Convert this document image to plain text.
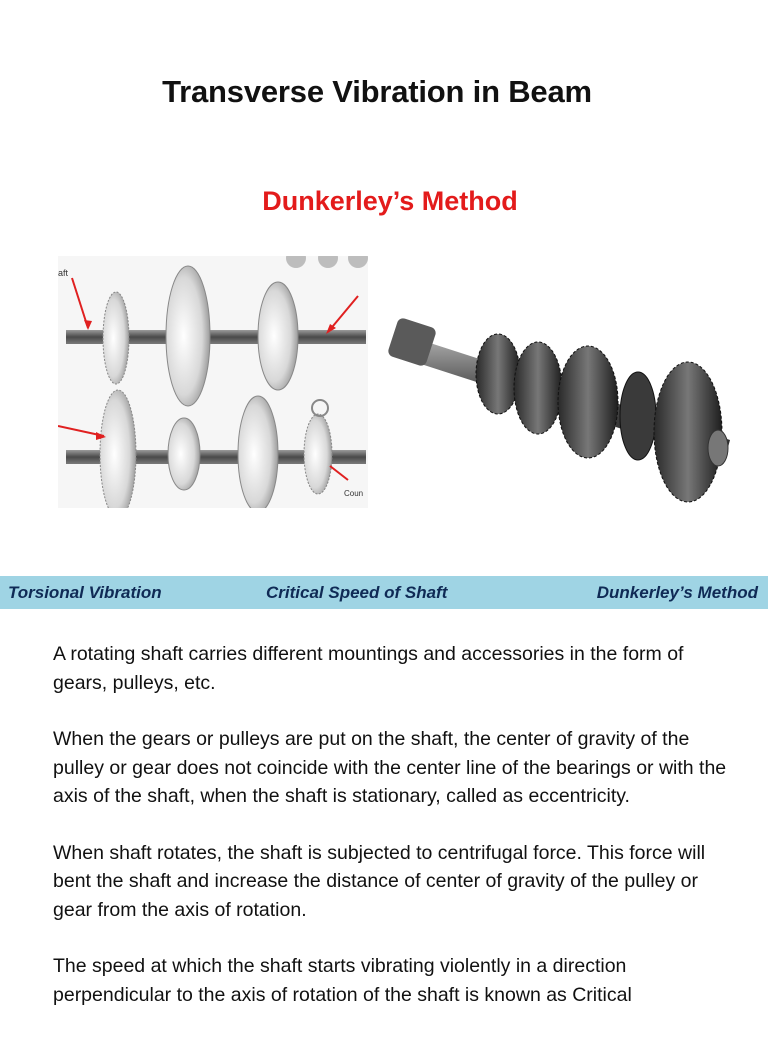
Transverse Vibration in Beam
Dunkerley’s Method
aft
Coun
Torsional Vibration	Critical Speed of Shaft	Dunkerley’s Method

A rotating shaft carries different mountings and accessories in the form of gears, pulleys, etc.

When the gears or pulleys are put on the shaft, the center of gravity of the pulley or gear does not coincide with the center line of the bearings or with the axis of the shaft, when the shaft is stationary, called as eccentricity.

When shaft rotates, the shaft is subjected to centrifugal force. This force will bent the shaft and increase the distance of center of gravity of the pulley or gear from the axis of rotation.

The speed at which the shaft starts vibrating violently in a direction perpendicular to the axis of rotation of the shaft is known as Critical
